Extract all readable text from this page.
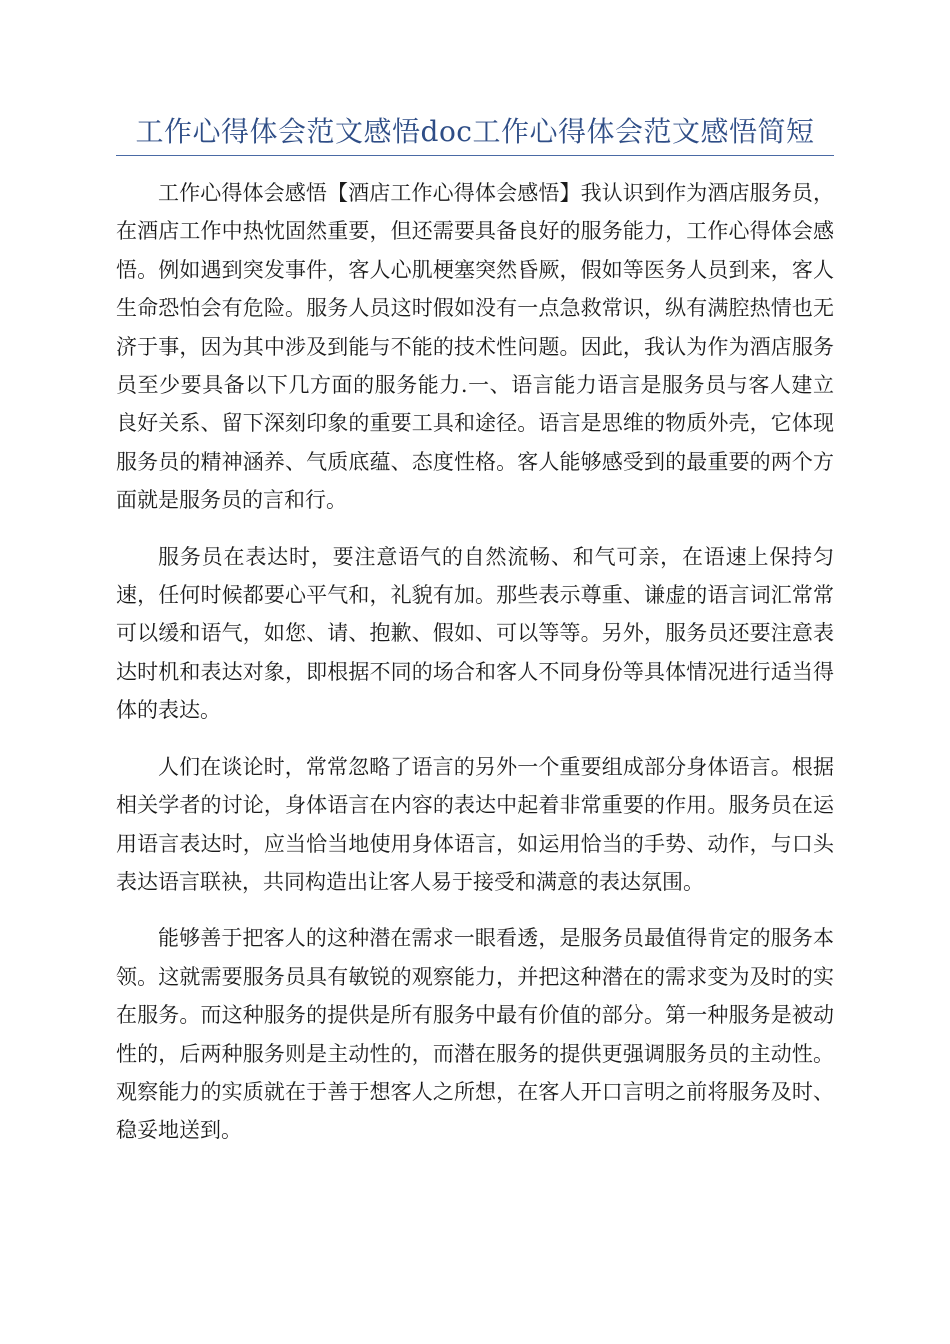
工作心得体会范文感悟doc工作心得体会范文感悟简短

工作心得体会感悟【酒店工作心得体会感悟】我认识到作为酒店服务员，在酒店工作中热忱固然重要，但还需要具备良好的服务能力，工作心得体会感悟。例如遇到突发事件，客人心肌梗塞突然昏厥，假如等医务人员到来，客人生命恐怕会有危险。服务人员这时假如没有一点急救常识，纵有满腔热情也无济于事，因为其中涉及到能与不能的技术性问题。因此，我认为作为酒店服务员至少要具备以下几方面的服务能力.一、语言能力语言是服务员与客人建立良好关系、留下深刻印象的重要工具和途径。语言是思维的物质外壳，它体现服务员的精神涵养、气质底蕴、态度性格。客人能够感受到的最重要的两个方面就是服务员的言和行。

服务员在表达时，要注意语气的自然流畅、和气可亲，在语速上保持匀速，任何时候都要心平气和，礼貌有加。那些表示尊重、谦虚的语言词汇常常可以缓和语气，如您、请、抱歉、假如、可以等等。另外，服务员还要注意表达时机和表达对象，即根据不同的场合和客人不同身份等具体情况进行适当得体的表达。

人们在谈论时，常常忽略了语言的另外一个重要组成部分身体语言。根据相关学者的讨论，身体语言在内容的表达中起着非常重要的作用。服务员在运用语言表达时，应当恰当地使用身体语言，如运用恰当的手势、动作，与口头表达语言联袂，共同构造出让客人易于接受和满意的表达氛围。

能够善于把客人的这种潜在需求一眼看透，是服务员最值得肯定的服务本领。这就需要服务员具有敏锐的观察能力，并把这种潜在的需求变为及时的实在服务。而这种服务的提供是所有服务中最有价值的部分。第一种服务是被动性的，后两种服务则是主动性的，而潜在服务的提供更强调服务员的主动性。观察能力的实质就在于善于想客人之所想，在客人开口言明之前将服务及时、稳妥地送到。
